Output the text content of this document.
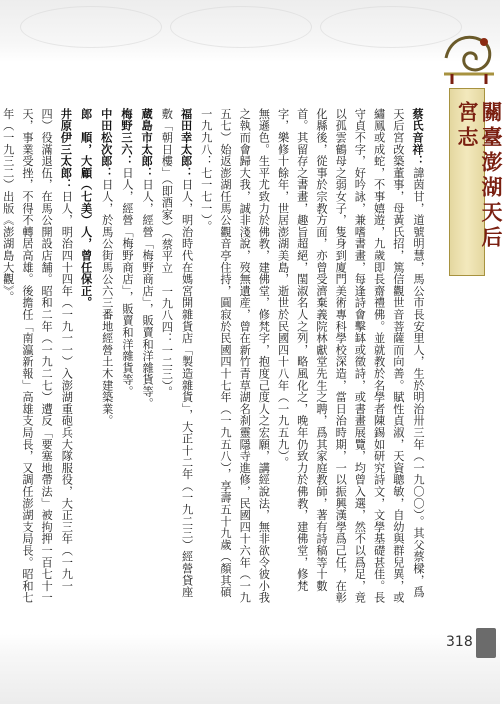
關臺澎湖天后宮志

蔡氏音祥：諱茵甘，道號明慧，馬公市長安里人，生於明治卅三年（一九〇〇）。其父蔡樑，爲天后宮改築董事，母黃氏招，篤信觀世音菩薩而向善。賦性貞淑，天資聰敏，自幼與群兒異，或繡鳳或成蛇，不事嬉遊，九歲即長齋禮佛。並就教於名學者陳錫如研究詩文，文學基礎甚佳。長守貞不字，好吟詠，兼嗜書畫，每逢詩會擊缽或徵詩，或書畫展覽，均曾入選，然不以爲足，竟以孤雲鶴母之弱女子，隻身到廈門美術專科學校深造，當日治時期，一以振興漢學爲己任，在彰化縣後，從事於宗教方面，亦曾受濟棄義院林獻堂先生之聘，爲其家庭教師，著有詩稿等十數首。其留存之書畫，趣旨超絕，閨淑名人之列，略風化之，晚年仍致力於佛教，建佛堂，修梵字，樂修十餘年，世居澎湖美島，逝世於民國四十八年（一九五九）。

無遜色。生平尤致力於佛教，建佛堂，修梵字，抱度己度人之宏願，講經說法，無非欲令彼小我之執而會歸大我，誠非淺說，歿無遺産，曾在新竹青草湖名刹靈隱寺進修，民國四十六年（一九五七）始返澎湖任馬公觀音亭住持，圓寂於民國四十七年（一九五八），享壽五十九歲（顏其碩　一九九八：七一七一）。

福田幸太郎：日人，明治時代在媽宮開雜貨店「製造雜貨」，大正十二年（一九二三）經營貸座敷「朝日樓」（即酒家）（蔡平立　一九八四：一二三）。

蔵島市太郎：日人，經營「梅野商店」，販賣和洋雜貨等。

梅野三六：日人，經營「梅野商店」，販賣和洋雜貨等。

中田松次郎：日人，於馬公街馬公六三番地經營土木建築業。

郎　順，大顧（七美）人，曾任保正。

井原伊三太郎：日人，明治四十四年（一九一一）入澎湖重砲兵大隊服役，大正三年（一九一四）役滿退伍，在馬公開設店舗。昭和二年（一九二七）遭反「要塞地帶法」被拘押一百七十一天，事業受挫，不得不轉居高雄。後擔任「南瀛新報」高雄支局長，又調任澎湖支局長。昭和七年（一九三二）出版《澎湖島大觀》。

318
